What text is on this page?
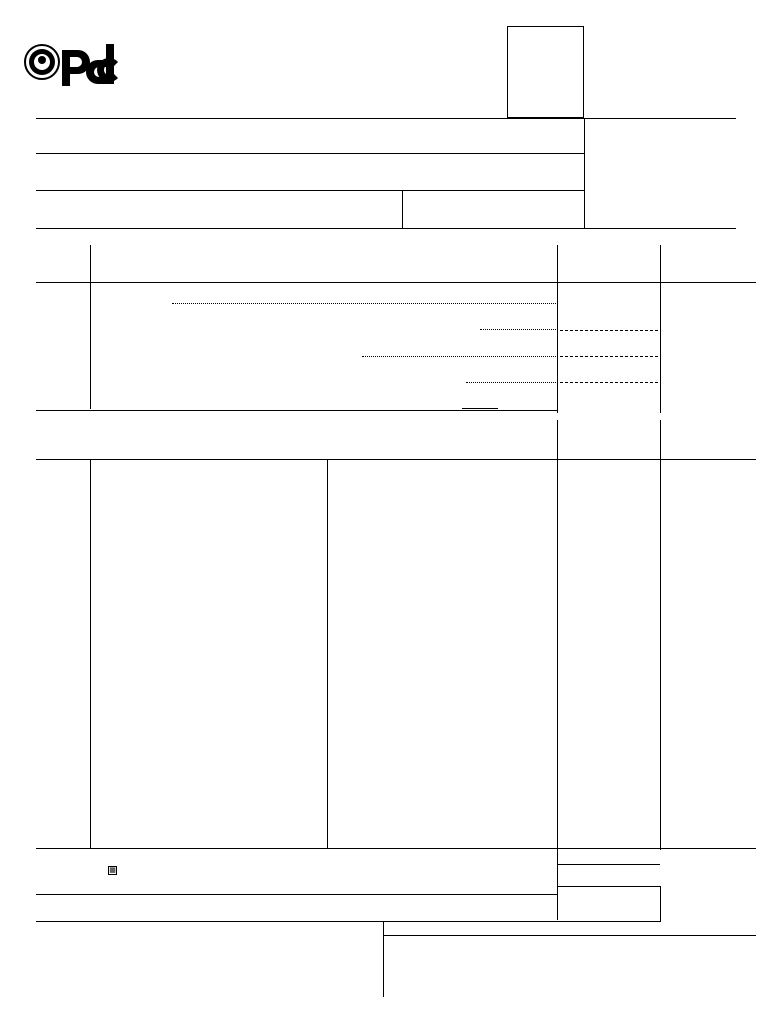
▦
